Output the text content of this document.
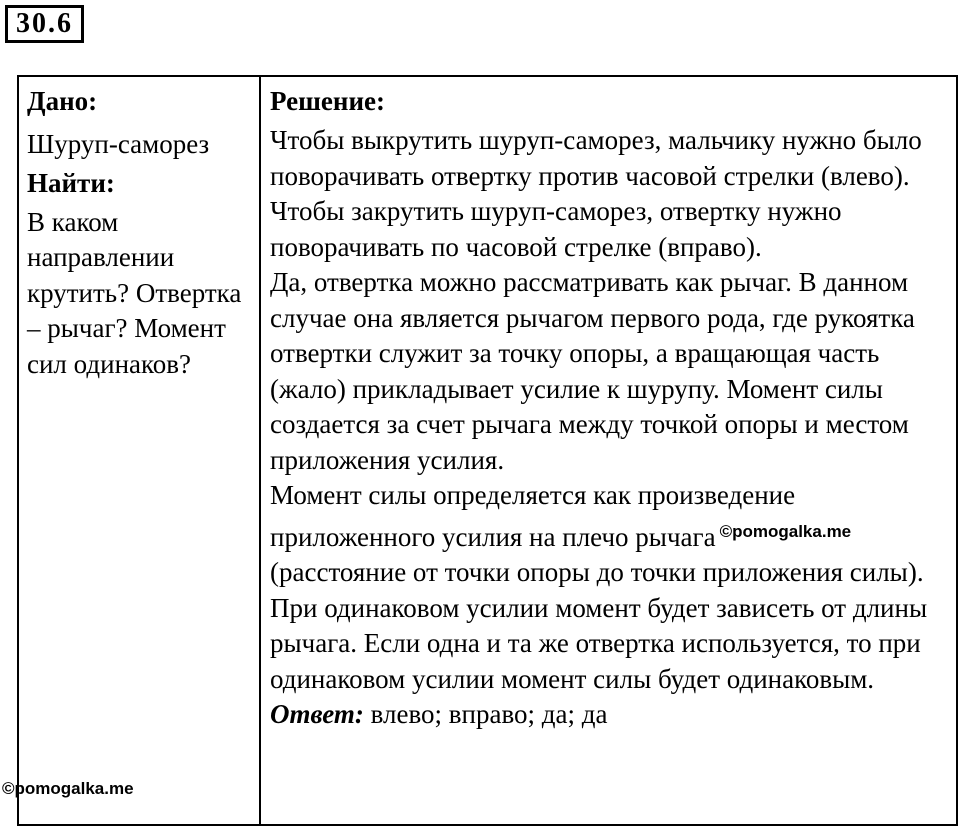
30.6
Дано:
Шуруп-саморез
Найти:
В каком направлении крутить? Отвертка – рычаг? Момент сил одинаков?
Решение:

Чтобы выкрутить шуруп-саморез, мальчику нужно было поворачивать отвертку против часовой стрелки (влево). Чтобы закрутить шуруп-саморез, отвертку нужно поворачивать по часовой стрелке (вправо).

Да, отвертка можно рассматривать как рычаг. В данном случае она является рычагом первого рода, где рукоятка отвертки служит за точку опоры, а вращающая часть (жало) прикладывает усилие к шурупу. Момент силы создается за счет рычага между точкой опоры и местом приложения усилия.

Момент силы определяется как произведение приложенного усилия на плечо рычага $^{©pomogalka.me}$ (расстояние от точки опоры до точки приложения силы). При одинаковом усилии момент будет зависеть от длины рычага. Если одна и та же отвертка используется, то при одинаковом усилии момент силы будет одинаковым.

Ответ: влево; вправо; да; да

©pomogalka.me
